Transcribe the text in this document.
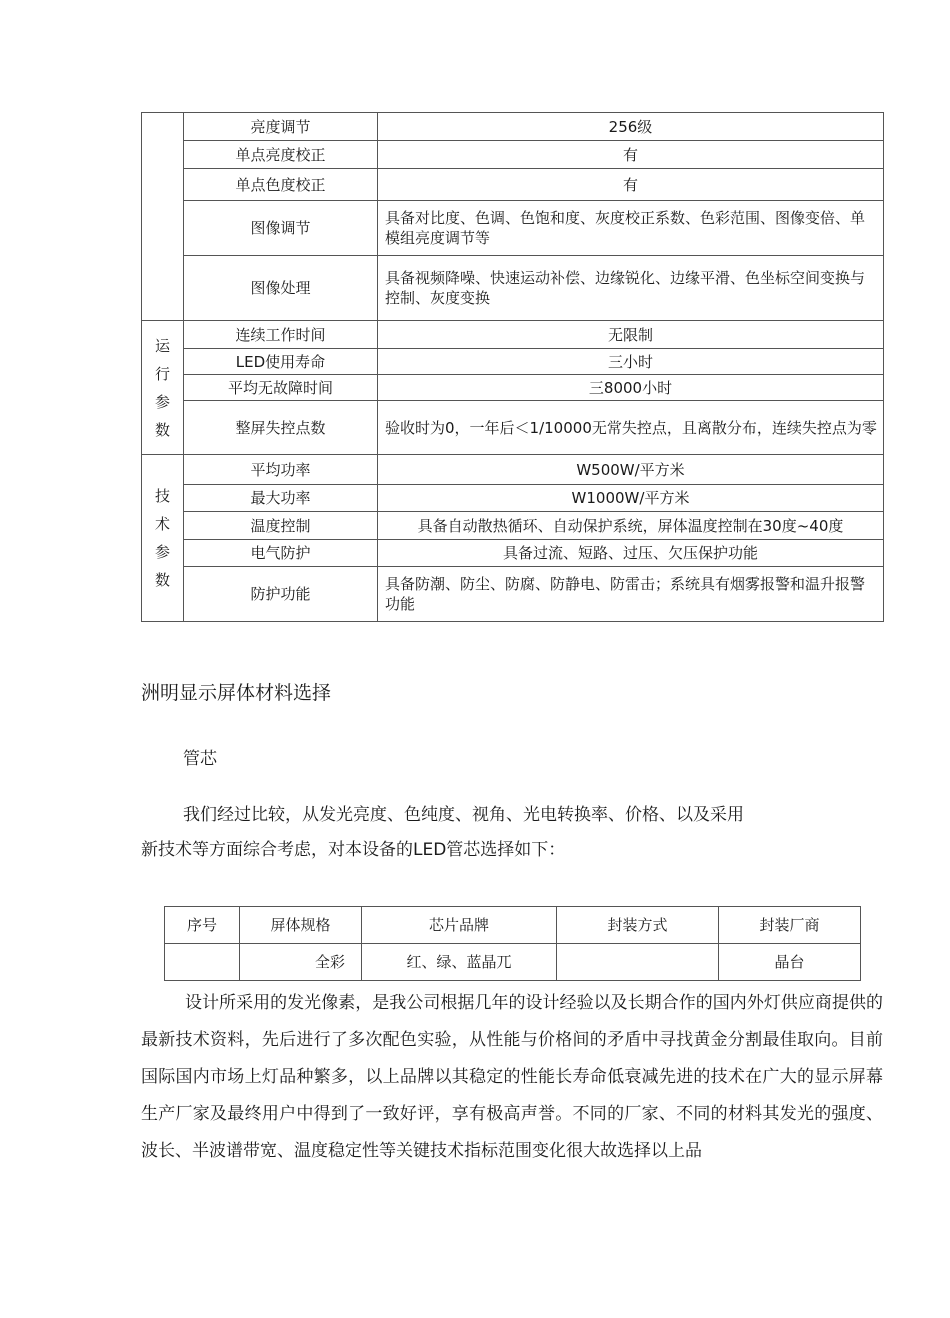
	亮度调节	256级
	单点亮度校正	有
	单点色度校正	有
	图像调节	具备对比度、色调、色饱和度、灰度校正系数、色彩范围、图像变倍、单模组亮度调节等
	图像处理	具备视频降噪、快速运动补偿、边缘锐化、边缘平滑、色坐标空间变换与控制、灰度变换
运行参数	连续工作时间	无限制
	LED使用寿命	三小时
	平均无故障时间	三8000小时
	整屏失控点数	验收时为0，一年后＜1/10000无常失控点，且离散分布，连续失控点为零
技术参数	平均功率	W500W/平方米
	最大功率	W1000W/平方米
	温度控制	具备自动散热循环、自动保护系统，屏体温度控制在30度~40度
	电气防护	具备过流、短路、过压、欠压保护功能
	防护功能	具备防潮、防尘、防腐、防静电、防雷击；系统具有烟雾报警和温升报警功能
洲明显示屏体材料选择
管芯

我们经过比较，从发光亮度、色纯度、视角、光电转换率、价格、以及采用
新技术等方面综合考虑，对本设备的LED管芯选择如下：

序号	屏体规格	芯片品牌	封装方式	封装厂商
	全彩	红、绿、蓝晶兀		晶台

设计所采用的发光像素，是我公司根据几年的设计经验以及长期合作的国内外灯供应商提供的最新技术资料，先后进行了多次配色实验，从性能与价格间的矛盾中寻找黄金分割最佳取向。目前国际国内市场上灯品种繁多，以上品牌以其稳定的性能长寿命低衰减先进的技术在广大的显示屏幕生产厂家及最终用户中得到了一致好评，享有极高声誉。不同的厂家、不同的材料其发光的强度、波长、半波谱带宽、温度稳定性等关键技术指标范围变化很大故选择以上品
